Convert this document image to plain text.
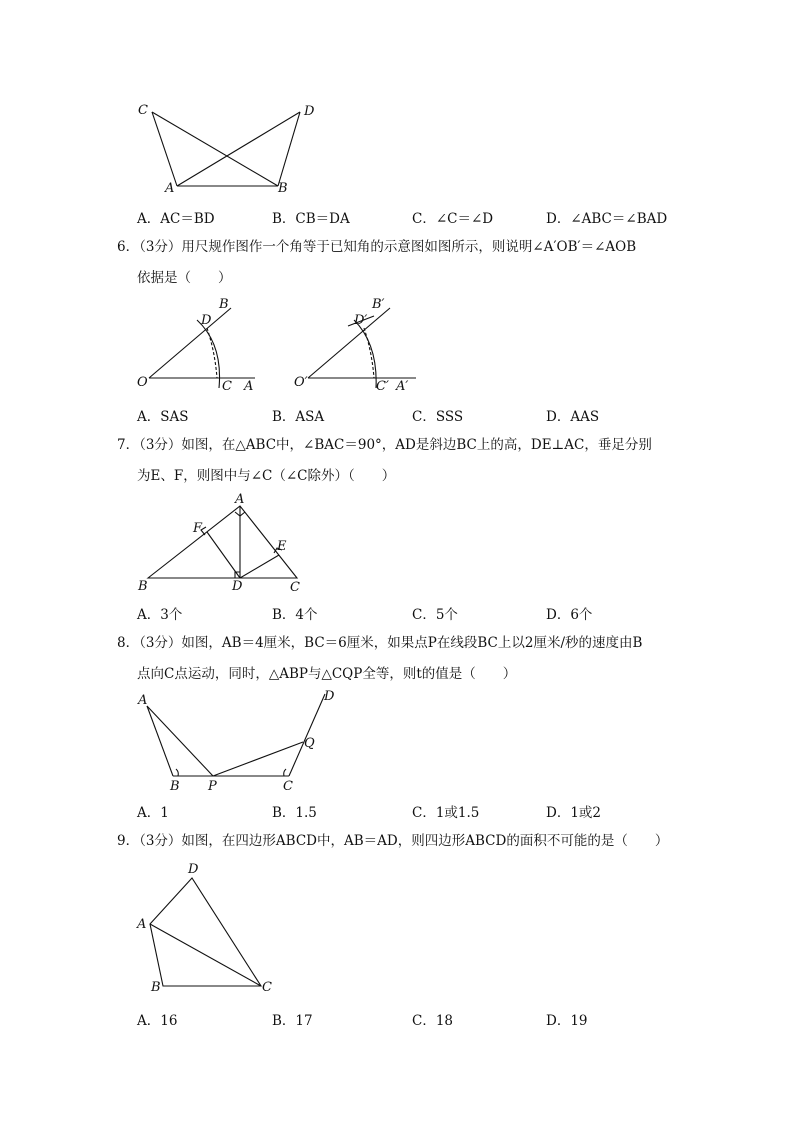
C	D
A	B
A．AC＝BD	B．CB＝DA	C．∠C＝∠D	D．∠ABC＝∠BAD
6．（3分）用尺规作图作一个角等于已知角的示意图如图所示，则说明∠A′OB′＝∠AOB
依据是（　　）
B
D
O	C A
B′
D′
O′	C′ A′
A．SAS	B．ASA	C．SSS	D．AAS
7．（3分）如图，在△ABC中，∠BAC＝90°，AD是斜边BC上的高，DE⊥AC，垂足分别
为E、F，则图中与∠C（∠C除外）（　　）
A
F
E
B	D	C
A．3个	B．4个	C．5个	D．6个
8．（3分）如图，AB＝4厘米，BC＝6厘米，如果点P在线段BC上以2厘米/秒的速度由B
点向C点运动，同时，△ABP与△CQP全等，则t的值是（　　）
A	D
Q
B P	C
A．1	B．1.5	C．1或1.5	D．1或2
9．（3分）如图，在四边形ABCD中，AB＝AD，则四边形ABCD的面积不可能的是（　　）
D
A
B	C
A．16	B．17	C．18	D．19
